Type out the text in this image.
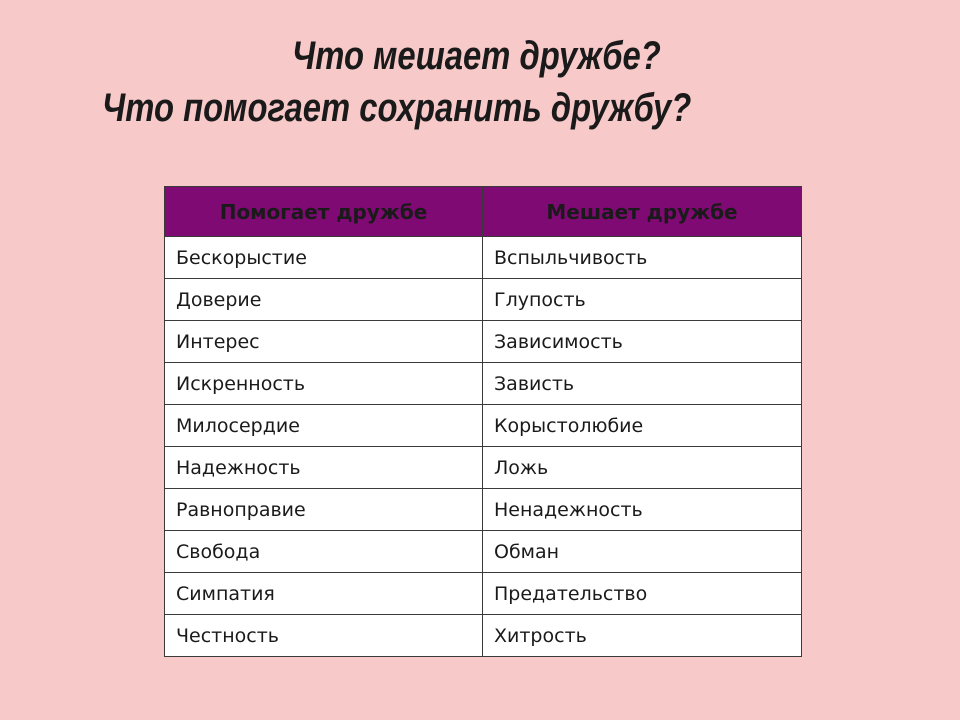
Что мешает дружбе?
Что помогает сохранить дружбу?
Помогает дружбе	Мешает дружбе
Бескорыстие	Вспыльчивость
Доверие	Глупость
Интерес	Зависимость
Искренность	Зависть
Милосердие	Корыстолюбие
Надежность	Ложь
Равноправие	Ненадежность
Свобода	Обман
Симпатия	Предательство
Честность	Хитрость
